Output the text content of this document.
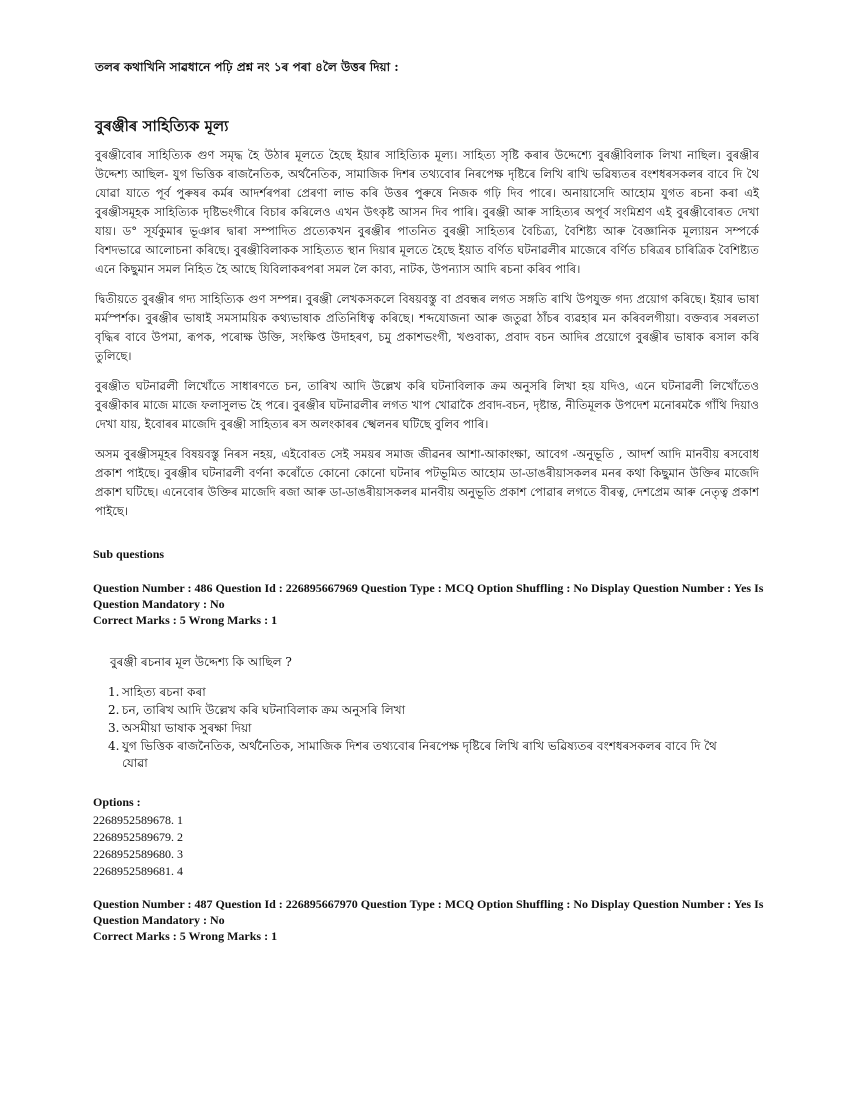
তলৰ কথাখিনি সাৱধানে পঢ়ি প্ৰশ্ন নং ১ৰ পৰা ৪লৈ উত্তৰ দিয়া :
বুৰঞ্জীৰ সাহিত্যিক মূল্য

বুৰঞ্জীবোৰ সাহিত্যিক গুণ সমৃদ্ধ হৈ উঠাৰ মূলতে হৈছে ইয়াৰ সাহিত্যিক মূল্য। সাহিত্য সৃষ্টি কৰাৰ উদ্দেশ্যে বুৰঞ্জীবিলাক লিখা নাছিল। বুৰঞ্জীৰ উদ্দেশ্য আছিল- যুগ ভিত্তিক ৰাজনৈতিক, অৰ্থনৈতিক, সামাজিক দিশৰ তথ্যবোৰ নিৰপেক্ষ দৃষ্টিৰে লিখি ৰাখি ভৱিষ্যতৰ বংশধৰসকলৰ বাবে দি থৈ যোৱা যাতে পূৰ্ব পুৰুষৰ কৰ্মৰ আদৰ্শৰপৰা প্ৰেৰণা লাভ কৰি উত্তৰ পুৰুষে নিজক গঢ়ি দিব পাৰে। অনায়াসেদি আহোম যুগত ৰচনা কৰা এই বুৰঞ্জীসমূহক সাহিত্যিক দৃষ্টিভংগীৰে বিচাৰ কৰিলেও এখন উৎকৃষ্ট আসন দিব পাৰি। বুৰঞ্জী আৰু সাহিত্যৰ অপূৰ্ব সংমিশ্ৰণ এই বুৰঞ্জীবোৰত দেখা যায়। ড° সূৰ্যকুমাৰ ভূঞাৰ দ্বাৰা সম্পাদিত প্ৰত্যেকখন বুৰঞ্জীৰ পাতনিত বুৰঞ্জী সাহিত্যৰ বৈচিত্ৰ্য, বৈশিষ্ট্য আৰু বৈজ্ঞানিক মূল্যায়ন সম্পৰ্কে বিশদভাৱে আলোচনা কৰিছে। বুৰঞ্জীবিলাকক সাহিত্যত স্থান দিয়াৰ মূলতে হৈছে ইয়াত বৰ্ণিত ঘটনাৱলীৰ মাজেৰে বৰ্ণিত চৰিত্ৰৰ চাৰিত্ৰিক বৈশিষ্ট্যত এনে কিছুমান সমল নিহিত হৈ আছে যিবিলাকৰপৰা সমল লৈ কাব্য, নাটক, উপন্যাস আদি ৰচনা কৰিব পাৰি।

দ্বিতীয়তে বুৰঞ্জীৰ গদ্য সাহিত্যিক গুণ সম্পন্ন। বুৰঞ্জী লেখকসকলে বিষয়বস্তু বা প্ৰবন্ধৰ লগত সঙ্গতি ৰাখি উপযুক্ত গদ্য প্ৰয়োগ কৰিছে। ইয়াৰ ভাষা মৰ্মস্পৰ্শক। বুৰঞ্জীৰ ভাষাই সমসাময়িক কথ্যভাষাক প্ৰতিনিধিত্ব কৰিছে। শব্দযোজনা আৰু জতুৱা ঠাঁচৰ ব্যৱহাৰ মন কৰিবলগীয়া। বক্তব্যৰ সৰলতা বৃদ্ধিৰ বাবে উপমা, ৰূপক, পৰোক্ষ উক্তি, সংক্ষিপ্ত উদাহৰণ, চমু প্ৰকাশভংগী, খণ্ডবাক্য, প্ৰবাদ বচন আদিৰ প্ৰয়োগে বুৰঞ্জীৰ ভাষাক ৰসাল কৰি তুলিছে।

বুৰঞ্জীত ঘটনাৱলী লিখোঁতে সাধাৰণতে চন, তাৰিখ আদি উল্লেখ কৰি ঘটনাবিলাক ক্ৰম অনুসৰি লিখা হয় যদিও, এনে ঘটনাৱলী লিখোঁতেও বুৰঞ্জীকাৰ মাজে মাজে ফলাসুলভ হৈ পৰে। বুৰঞ্জীৰ ঘটনাৱলীৰ লগত খাপ খোৱাকৈ প্ৰবাদ-বচন, দৃষ্টান্ত, নীতিমূলক উপদেশ মনোৰমকৈ গাঁথি দিয়াও দেখা যায়, ইবোৰৰ মাজেদি বুৰঞ্জী সাহিত্যৰ ৰস অলংকাৰৰ স্খেলনৰ ঘটিছে বুলিব পাৰি।

অসম বুৰঞ্জীসমূহৰ বিষয়বস্তু নিৰস নহয়, এইবোৰত সেই সময়ৰ সমাজ জীৱনৰ আশা-আকাংক্ষা, আবেগ -অনুভূতি , আদৰ্শ আদি মানবীয় ৰসবোধ প্ৰকাশ পাইছে। বুৰঞ্জীৰ ঘটনাৱলী বৰ্ণনা কৰোঁতে কোনো কোনো ঘটনাৰ পটভূমিত আহোম ডা-ডাঙৰীয়াসকলৰ মনৰ কথা কিছুমান উক্তিৰ মাজেদি প্ৰকাশ ঘটিছে। এনেবোৰ উক্তিৰ মাজেদি ৰজা আৰু ডা-ডাঙৰীয়াসকলৰ মানবীয় অনুভূতি প্ৰকাশ পোৱাৰ লগতে বীৰত্ব, দেশপ্ৰেম আৰু নেতৃত্ব প্ৰকাশ পাইছে।

Sub questions
Question Number : 486 Question Id : 226895667969 Question Type : MCQ Option Shuffling : No Display Question Number : Yes Is
Question Mandatory : No
Correct Marks : 5 Wrong Marks : 1
বুৰঞ্জী ৰচনাৰ মূল উদ্দেশ্য কি আছিল ?
1. সাহিত্য ৰচনা কৰা
2. চন, তাৰিখ আদি উল্লেখ কৰি ঘটনাবিলাক ক্ৰম অনুসৰি লিখা
3. অসমীয়া ভাষাক সুৰক্ষা দিয়া
4. যুগ ভিত্তিক ৰাজনৈতিক, অৰ্থনৈতিক, সামাজিক দিশৰ তথ্যবোৰ নিৰপেক্ষ দৃষ্টিৰে লিখি ৰাখি ভৱিষ্যতৰ বংশধৰসকলৰ বাবে দি থৈ যোৱা
Options :
2268952589678. 1
2268952589679. 2
2268952589680. 3
2268952589681. 4
Question Number : 487 Question Id : 226895667970 Question Type : MCQ Option Shuffling : No Display Question Number : Yes Is
Question Mandatory : No
Correct Marks : 5 Wrong Marks : 1
